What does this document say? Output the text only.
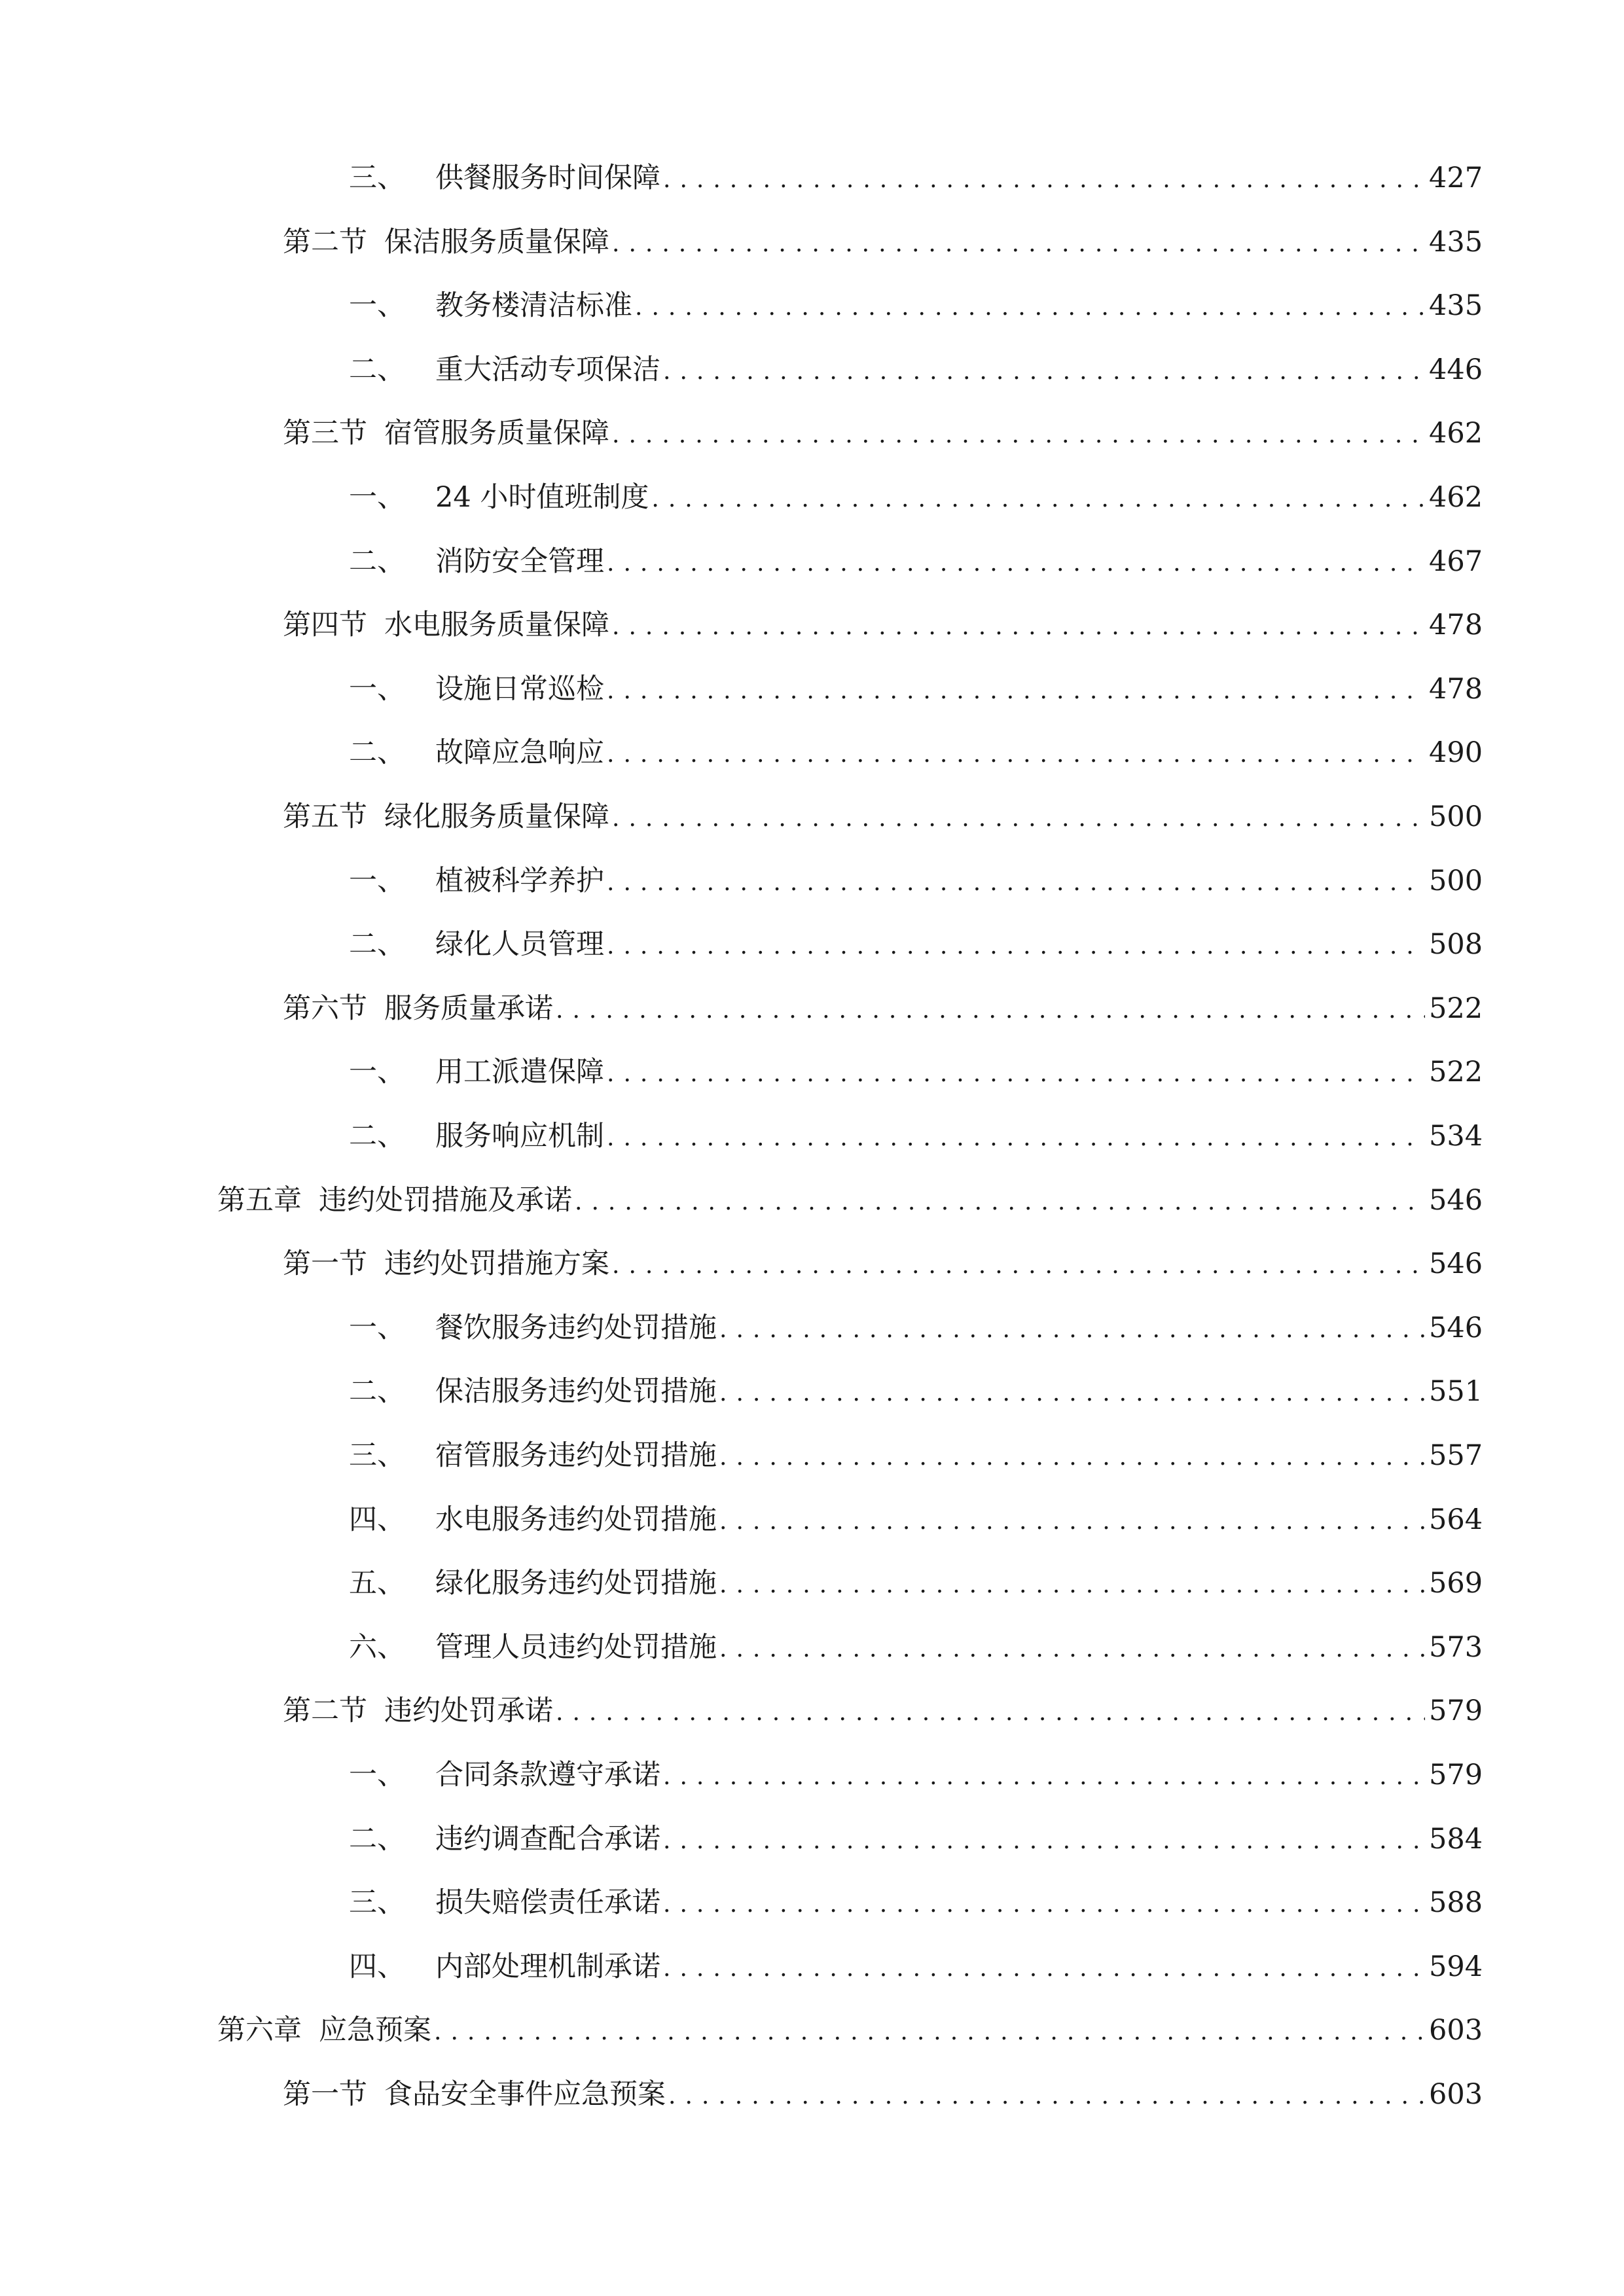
三、	供餐服务时间保障 .....	427
第二节 保洁服务质量保障 .....	435
一、	教务楼清洁标准 .....	435
二、	重大活动专项保洁 .....	446
第三节 宿管服务质量保障 .....	462
一、	24 小时值班制度 .....	462
二、	消防安全管理 .....	467
第四节 水电服务质量保障 .....	478
一、	设施日常巡检 .....	478
二、	故障应急响应 .....	490
第五节 绿化服务质量保障 .....	500
一、	植被科学养护 .....	500
二、	绿化人员管理 .....	508
第六节 服务质量承诺 .....	522
一、	用工派遣保障 .....	522
二、	服务响应机制 .....	534
第五章 违约处罚措施及承诺 .....	546
第一节 违约处罚措施方案 .....	546
一、	餐饮服务违约处罚措施 .....	546
二、	保洁服务违约处罚措施 .....	551
三、	宿管服务违约处罚措施 .....	557
四、	水电服务违约处罚措施 .....	564
五、	绿化服务违约处罚措施 .....	569
六、	管理人员违约处罚措施 .....	573
第二节 违约处罚承诺 .....	579
一、	合同条款遵守承诺 .....	579
二、	违约调查配合承诺 .....	584
三、	损失赔偿责任承诺 .....	588
四、	内部处理机制承诺 .....	594
第六章 应急预案 .....	603
第一节 食品安全事件应急预案 .....	603
